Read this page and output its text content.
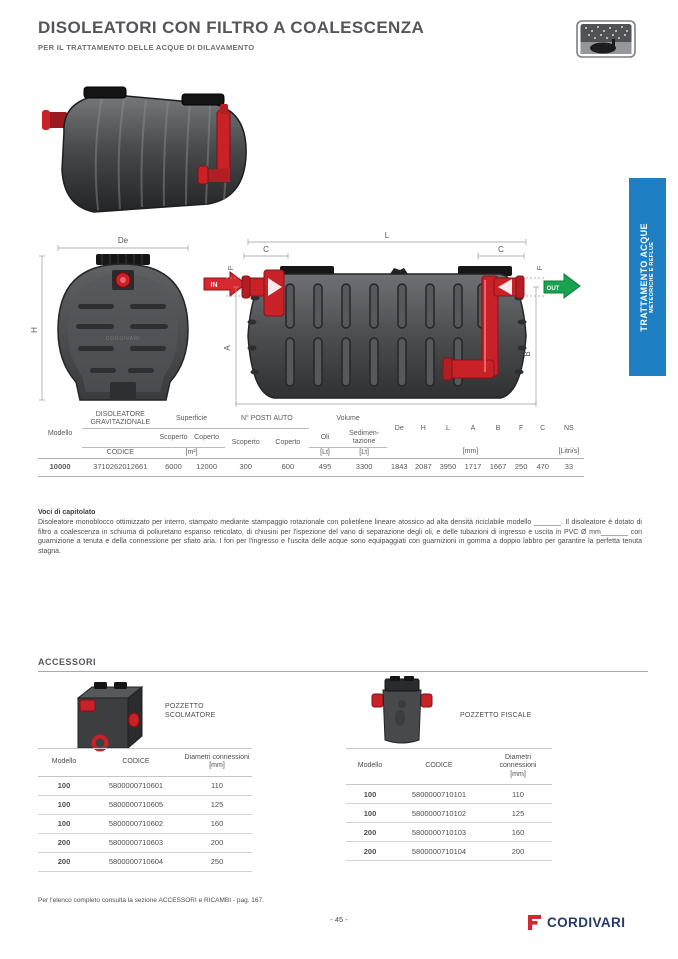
DISOLEATORI CON FILTRO A COALESCENZA
PER IL TRATTAMENTO DELLE ACQUE DI DILAVAMENTO
De
H
CORDIVARI
IN
L
C	C
F	F
A
B
OUT	TRATTAMENTO ACQUE METEORICHE E REFLUE
Modello	DISOLEATORE GRAVITAZIONALE	Superficie		N° POSTI AUTO		Volume		De	H	L	A	B	F	C	NS
		Scoperto	Coperto	Scoperto	Coperto	Oli	Sedimen-tazione								
	CODICE	[m²]				[Lt]	[Lt]	[mm]							[Litri/s]
10000	3710262012661	6000	12000	300	600	495	3300	1843	2087	3950	1717	1667	250	470	33
Voci di capitolato
Disoleatore monoblocco ottimizzato per interro, stampato mediante stampaggio rotazionale con polietilene lineare atossico ad alta densità riciclabile modello _______. Il disoleatore è dotato di filtro a coalescenza in schiuma di poliuretano espanso reticolato, di chiusini per l'ispezione del vano di separazione degli oli, e delle tubazioni di ingresso e uscita in PVC Ø mm_______ con guarnizione a tenuta e della connessione per sfiato aria. I fori per l'ingresso e l'uscita delle acque sono equipaggiati con guarnizioni in gomma a doppio labbro per garantire la perfetta tenuta stagna.
ACCESSORI
POZZETTO
SCOLMATORE
Modello	CODICE	Diametri connessioni
[mm]
100	5800000710601	110
100	5800000710605	125
100	5800000710602	160
200	5800000710603	200
200	5800000710604	250
POZZETTO FISCALE
Modello	CODICE	Diametri connessioni
[mm]
100	5800000710101	110
100	5800000710102	125
200	5800000710103	160
200	5800000710104	200
Per l'elenco completo consulta la sezione ACCESSORI e RICAMBI - pag. 167.
- 45 -	CORDIVARI
